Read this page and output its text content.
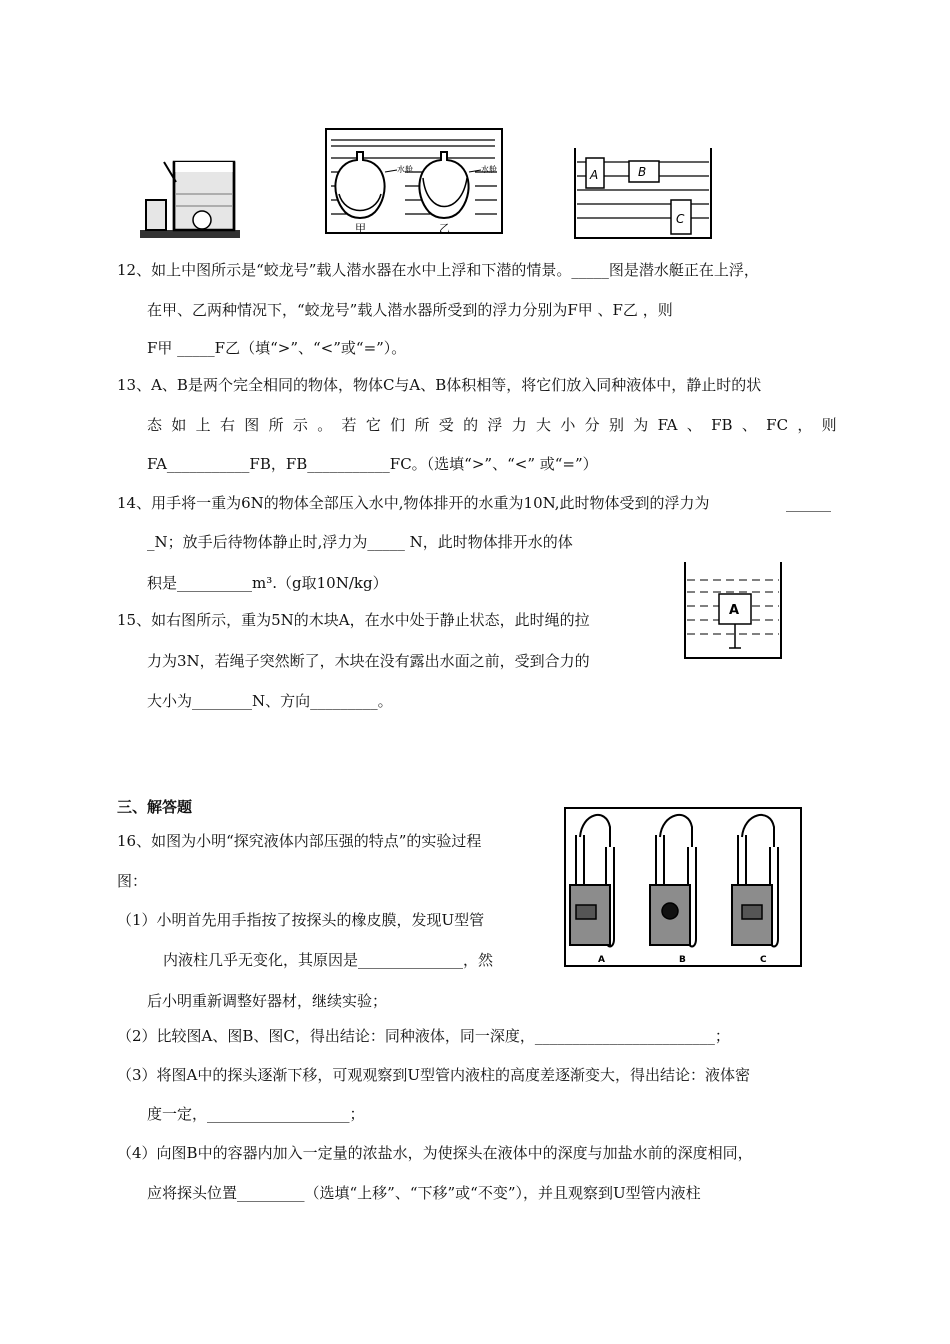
水舱	水舱
甲	乙
A	B
C
12、如上中图所示是“蛟龙号”载人潜水器在水中上浮和下潜的情景。_____图是潜水艇正在上浮，
在甲、乙两种情况下，“蛟龙号”载人潜水器所受到的浮力分别为F甲 、F乙 ，则
F甲 _____F乙（填“>”、“<”或“=”）。
13、A、B是两个完全相同的物体，物体C与A、B体积相等，将它们放入同种液体中，静止时的状
态 如 上 右 图 所 示 。 若 它 们 所 受 的 浮 力 大 小 分 别 为 FA 、 FB 、 FC ， 则
FA___________FB，FB___________FC。（选填“>”、“<” 或“=”）
14、用手将一重为6N的物体全部压入水中,物体排开的水重为10N,此时物体受到的浮力为	______
_N；放手后待物体静止时,浮力为_____ N，此时物体排开水的体
积是__________m³.（g取10N/kg）
A
15、如右图所示，重为5N的木块A，在水中处于静止状态，此时绳的拉
力为3N，若绳子突然断了，木块在没有露出水面之前，受到合力的
大小为________N、方向_________。
三、解答题
16、如图为小明“探究液体内部压强的特点”的实验过程
图：
A	B	C
（1）小明首先用手指按了按探头的橡皮膜，发现U型管
内液柱几乎无变化，其原因是______________，然
后小明重新调整好器材，继续实验；
（2）比较图A、图B、图C，得出结论：同种液体，同一深度，________________________；
（3）将图A中的探头逐渐下移，可观观察到U型管内液柱的高度差逐渐变大，得出结论：液体密
度一定，___________________；
（4）向图B中的容器内加入一定量的浓盐水，为使探头在液体中的深度与加盐水前的深度相同，
应将探头位置_________（选填“上移”、“下移”或“不变”），并且观察到U型管内液柱
